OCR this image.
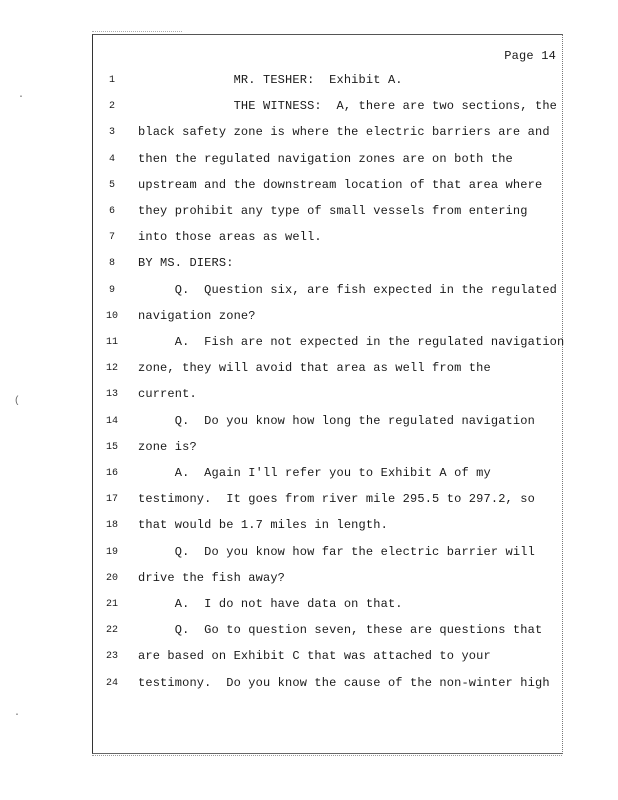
Page 14
1	MR. TESHER:  Exhibit A.
2	THE WITNESS:  A, there are two sections, the
3	black safety zone is where the electric barriers are and
4	then the regulated navigation zones are on both the
5	upstream and the downstream location of that area where
6	they prohibit any type of small vessels from entering
7	into those areas as well.
8	BY MS. DIERS:
9	Q.  Question six, are fish expected in the regulated
10	navigation zone?
11	A.  Fish are not expected in the regulated navigation
12	zone, they will avoid that area as well from the
13	current.
14	Q.  Do you know how long the regulated navigation
15	zone is?
16	A.  Again I'll refer you to Exhibit A of my
17	testimony.  It goes from river mile 295.5 to 297.2, so
18	that would be 1.7 miles in length.
19	Q.  Do you know how far the electric barrier will
20	drive the fish away?
21	A.  I do not have data on that.
22	Q.  Go to question seven, these are questions that
23	are based on Exhibit C that was attached to your
24	testimony.  Do you know the cause of the non-winter high
·
(
·
